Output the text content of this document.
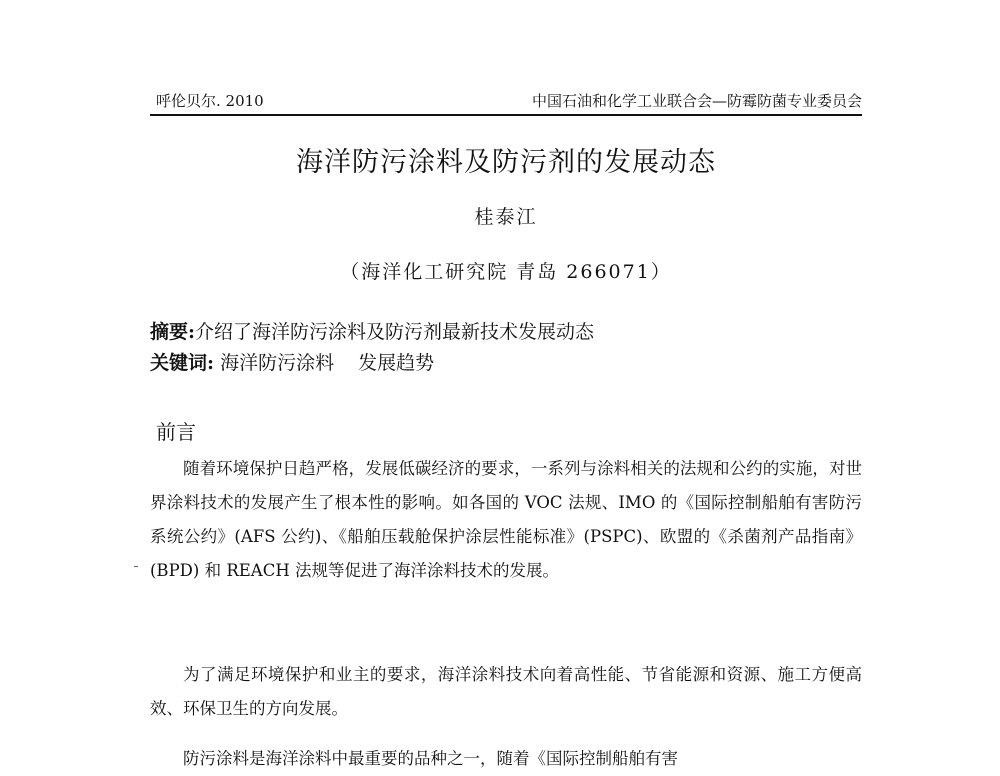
呼伦贝尔. 2010	中国石油和化学工业联合会—防霉防菌专业委员会
海洋防污涂料及防污剂的发展动态
桂泰江
（海洋化工研究院 青岛 266071）
摘要:介绍了海洋防污涂料及防污剂最新技术发展动态
关键词: 海洋防污涂料 发展趋势
前言

随着环境保护日趋严格，发展低碳经济的要求，一系列与涂料相关的法规和公约的实施，对世界涂料技术的发展产生了根本性的影响。如各国的 VOC 法规、IMO 的《国际控制船舶有害防污系统公约》(AFS 公约)、《船舶压载舱保护涂层性能标准》(PSPC)、欧盟的《杀菌剂产品指南》(BPD) 和 REACH 法规等促进了海洋涂料技术的发展。

为了满足环境保护和业主的要求，海洋涂料技术向着高性能、节省能源和资源、施工方便高效、环保卫生的方向发展。

防污涂料是海洋涂料中最重要的品种之一，随着《国际控制船舶有害
